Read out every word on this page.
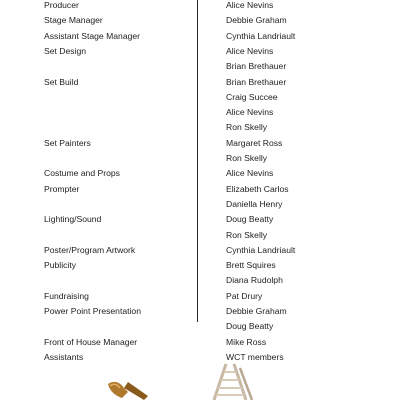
Producer
Stage Manager
Assistant Stage Manager
Set Design
Set Build
Set Painters
Costume and Props
Prompter
Lighting/Sound
Poster/Program Artwork
Publicity
Fundraising
Power Point Presentation
Front of House Manager
Assistants
Alice Nevins
Debbie Graham
Cynthia Landriault
Alice Nevins
Brian Brethauer
Brian Brethauer
Craig Succee
Alice Nevins
Ron Skelly
Margaret Ross
Ron Skelly
Alice Nevins
Elizabeth Carlos
Daniella Henry
Doug Beatty
Ron Skelly
Cynthia Landriault
Brett Squires
Diana Rudolph
Pat Drury
Debbie Graham
Doug Beatty
Mike Ross
WCT members
